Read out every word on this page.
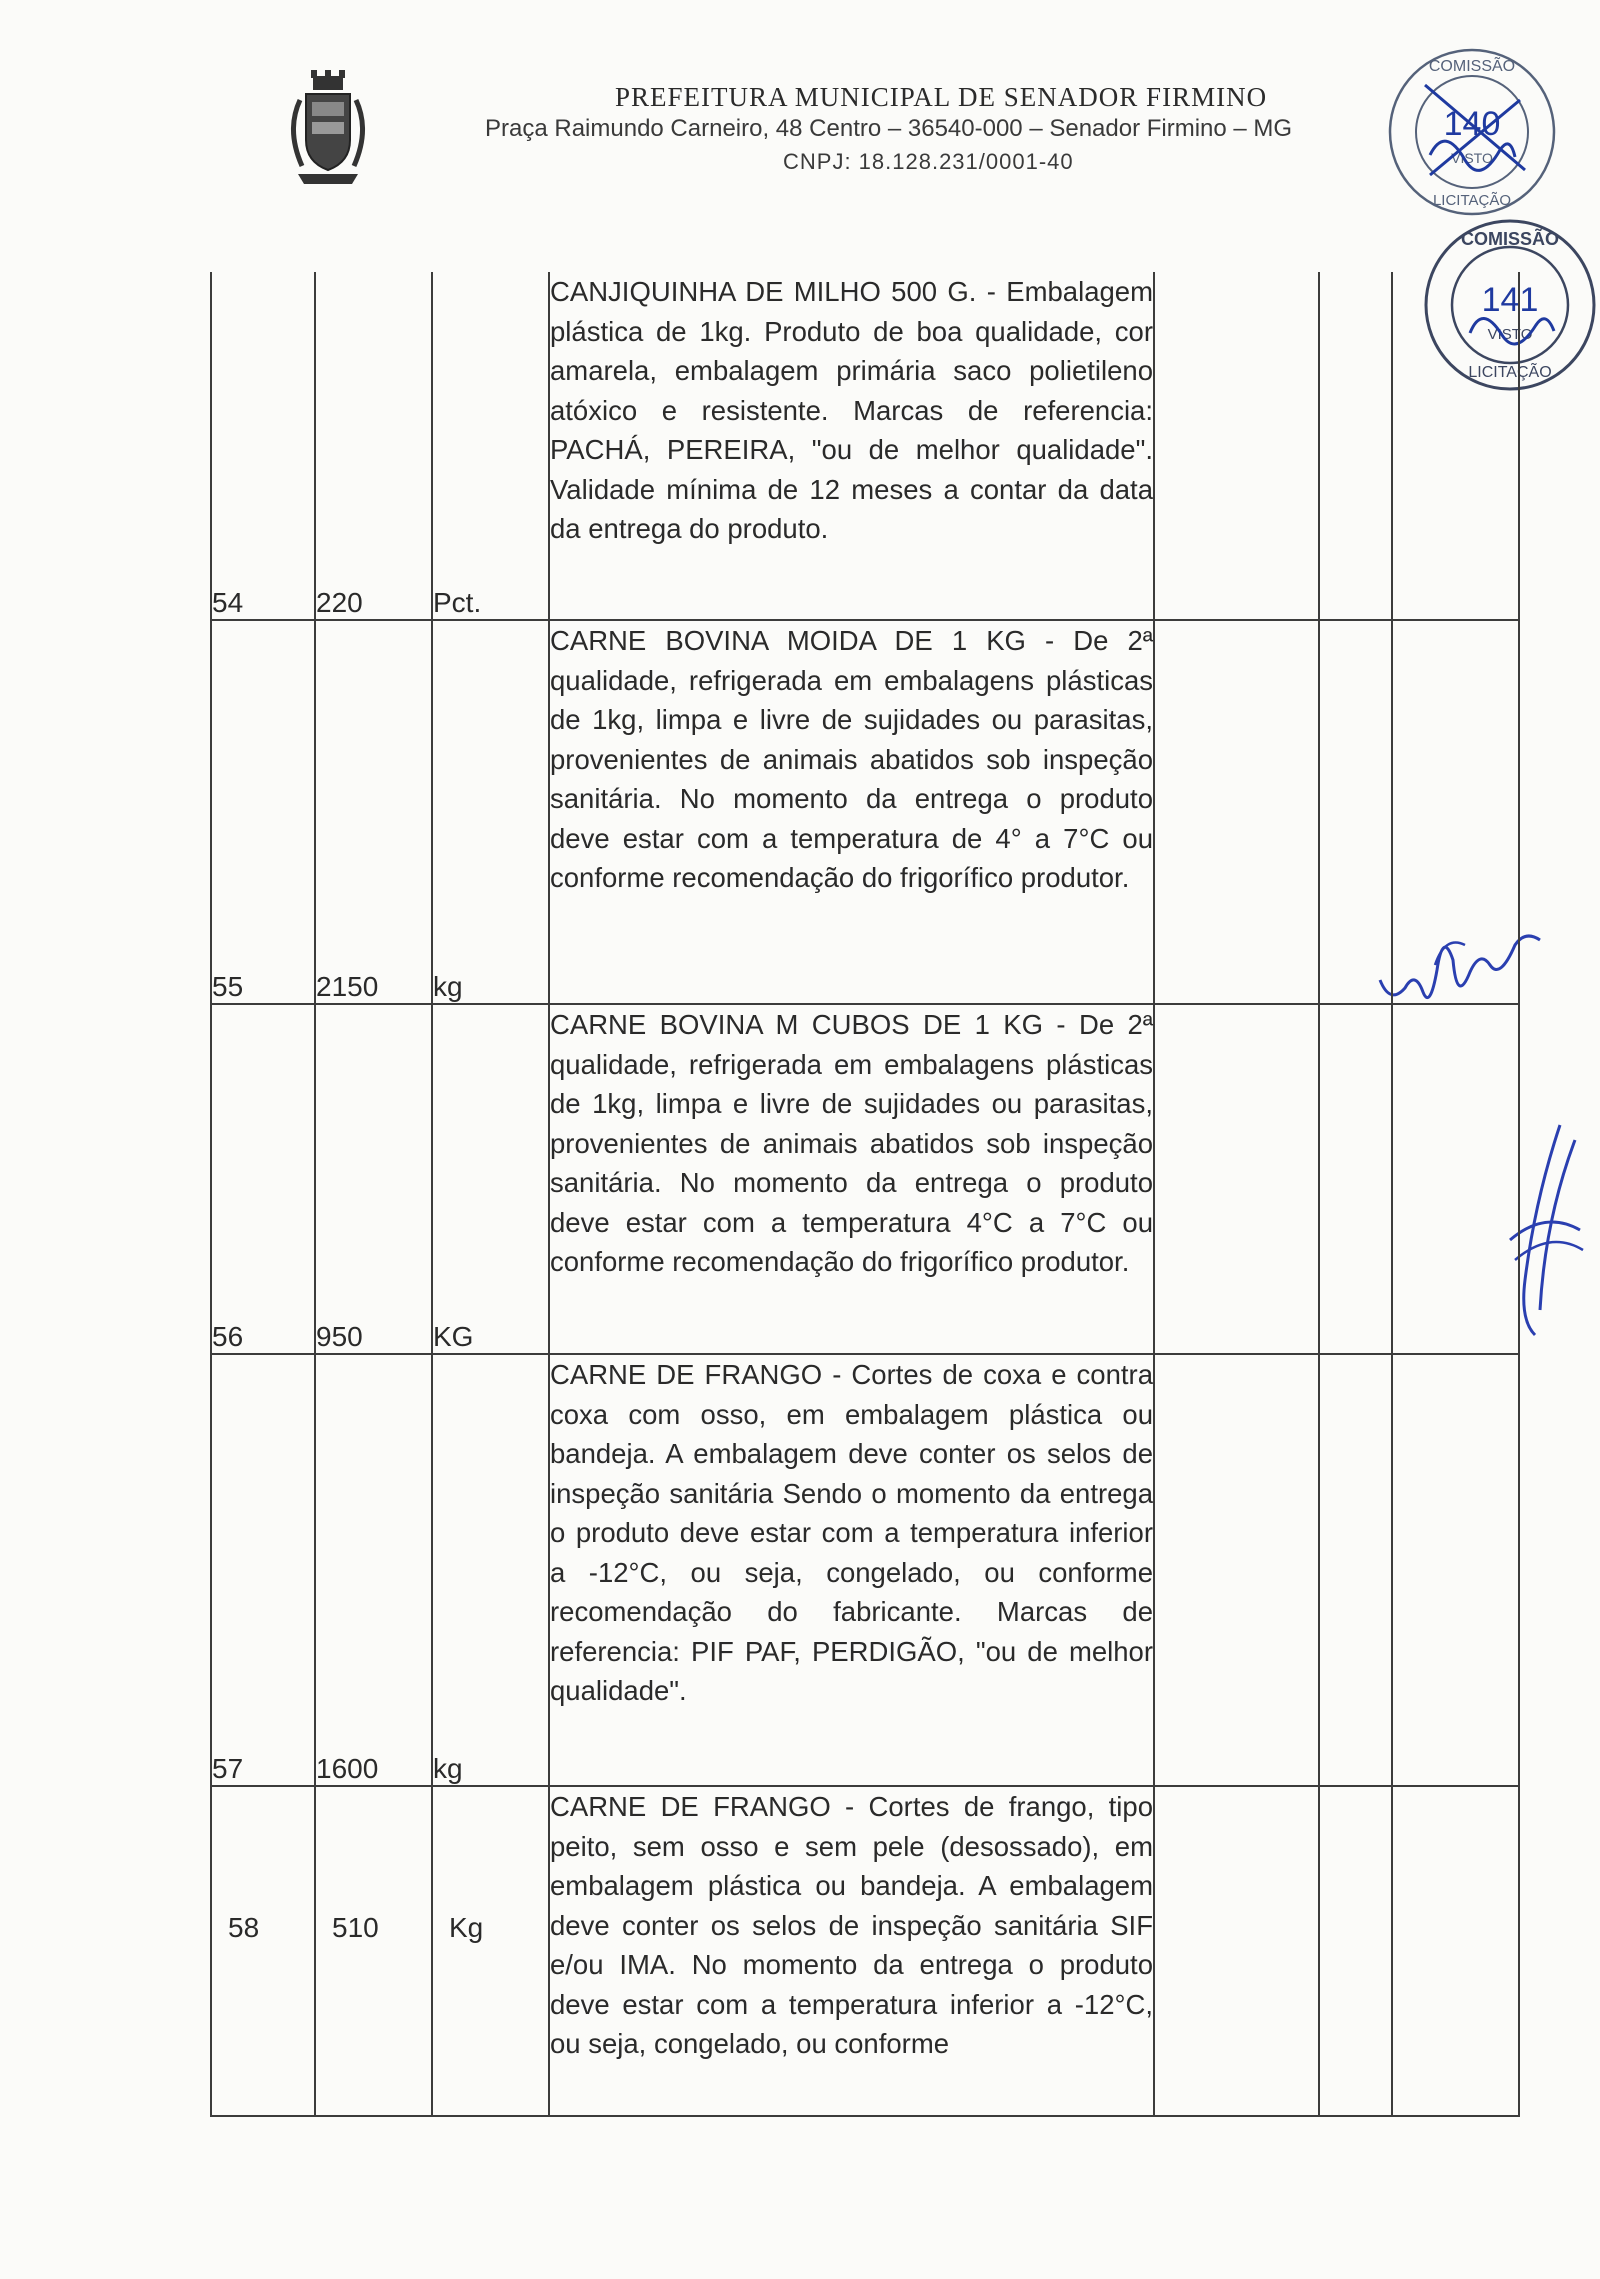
PREFEITURA MUNICIPAL DE SENADOR FIRMINO
Praça Raimundo Carneiro, 48 Centro – 36540-000 – Senador Firmino – MG
CNPJ: 18.128.231/0001-40
COMISSÃO
140
VISTO
LICITAÇÃO
COMISSÃO
141
VISTO
LICITAÇÃO
54	220	Pct.	CANJIQUINHA DE MILHO 500 G. - Embalagem plástica de 1kg. Produto de boa qualidade, cor amarela, embalagem primária saco polietileno atóxico e resistente. Marcas de referencia: PACHÁ, PEREIRA, "ou de melhor qualidade". Validade mínima de 12 meses a contar da data da entrega do produto.			

55	2150	kg	CARNE BOVINA MOIDA DE 1 KG - De 2ª qualidade, refrigerada em embalagens plásticas de 1kg, limpa e livre de sujidades ou parasitas, provenientes de animais abatidos sob inspeção sanitária. No momento da entrega o produto deve estar com a temperatura de 4° a 7°C ou conforme recomendação do frigorífico produtor.			

56	950	KG	CARNE BOVINA M CUBOS DE 1 KG - De 2ª qualidade, refrigerada em embalagens plásticas de 1kg, limpa e livre de sujidades ou parasitas, provenientes de animais abatidos sob inspeção sanitária. No momento da entrega o produto deve estar com a temperatura 4°C a 7°C ou conforme recomendação do frigorífico produtor.			

57	1600	kg	CARNE DE FRANGO - Cortes de coxa e contra coxa com osso, em embalagem plástica ou bandeja. A embalagem deve conter os selos de inspeção sanitária Sendo o momento da entrega o produto deve estar com a temperatura inferior a -12°C, ou seja, congelado, ou conforme recomendação do fabricante. Marcas de referencia: PIF PAF, PERDIGÃO, "ou de melhor qualidade".			

58	510	Kg	CARNE DE FRANGO - Cortes de frango, tipo peito, sem osso e sem pele (desossado), em embalagem plástica ou bandeja. A embalagem deve conter os selos de inspeção sanitária SIF e/ou IMA. No momento da entrega o produto deve estar com a temperatura inferior a -12°C, ou seja, congelado, ou conforme			
